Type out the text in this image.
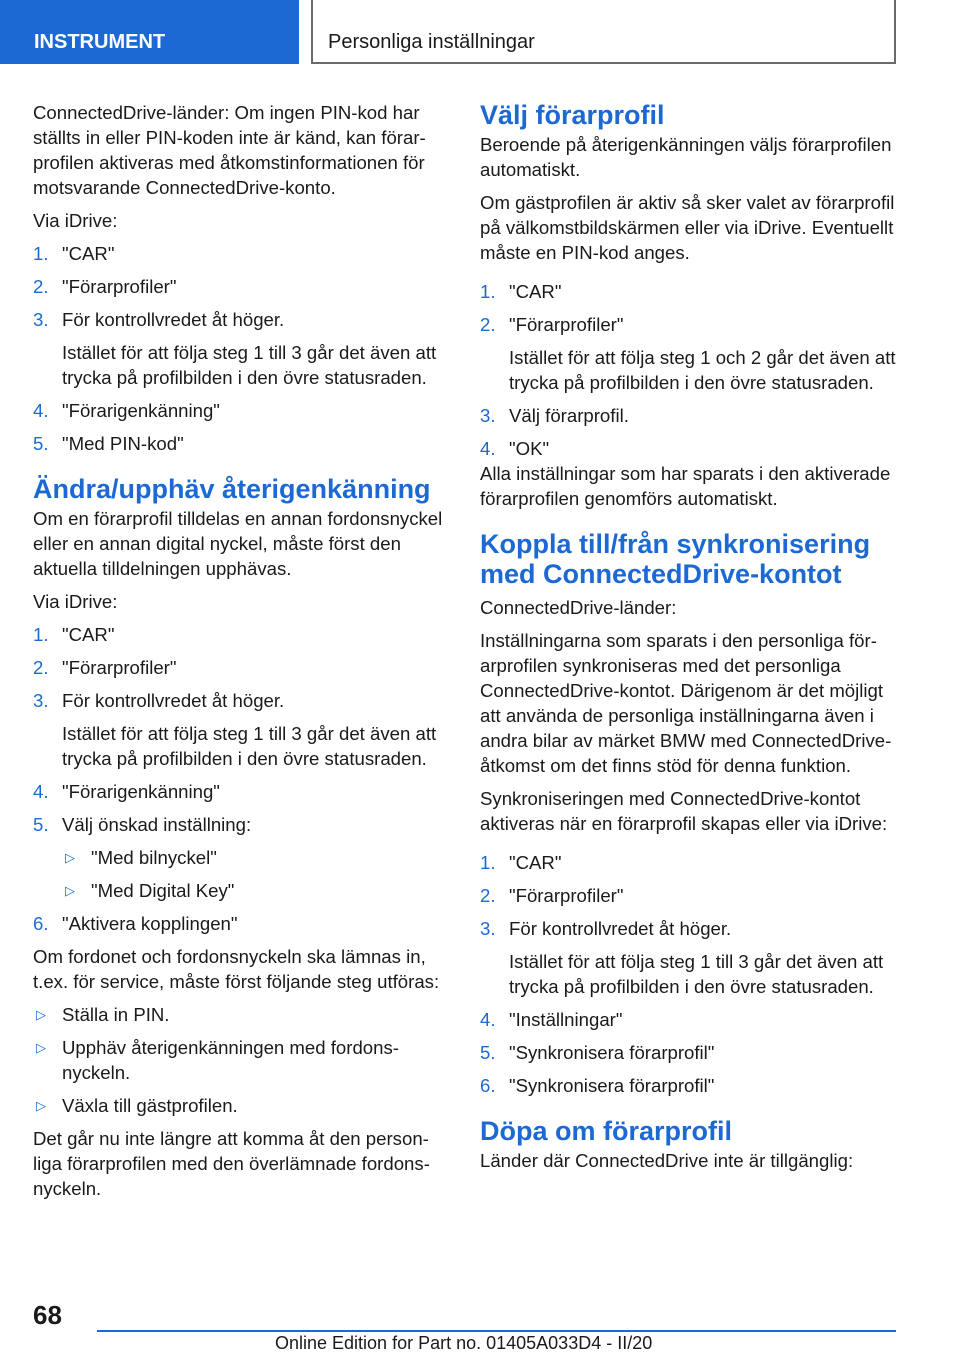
INSTRUMENT	Personliga inställningar

ConnectedDrive-länder: Om ingen PIN-kod har ställts in eller PIN-koden inte är känd, kan förarprofilen aktiveras med åtkomstinformationen för motsvarande ConnectedDrive-konto.

Via iDrive:

1. "CAR"
2. "Förarprofiler"
3. För kontrollvredet åt höger.
Istället för att följa steg 1 till 3 går det även att trycka på profilbilden i den övre statusraden.
4. "Förarigenkänning"
5. "Med PIN-kod"
Ändra/upphäv återigenkänning

Om en förarprofil tilldelas en annan fordonsnyckel eller en annan digital nyckel, måste först den aktuella tilldelningen upphävas.

Via iDrive:

1. "CAR"
2. "Förarprofiler"
3. För kontrollvredet åt höger.
Istället för att följa steg 1 till 3 går det även att trycka på profilbilden i den övre statusraden.
4. "Förarigenkänning"
5. Välj önskad inställning:
▷ "Med bilnyckel"
▷ "Med Digital Key"
6. "Aktivera kopplingen"

Om fordonet och fordonsnyckeln ska lämnas in, t.ex. för service, måste först följande steg utföras:

▷ Ställa in PIN.
▷ Upphäv återigenkänningen med fordonsnyckeln.
▷ Växla till gästprofilen.

Det går nu inte längre att komma åt den personliga förarprofilen med den överlämnade fordonsnyckeln.

Välj förarprofil

Beroende på återigenkänningen väljs förarprofilen automatiskt.

Om gästprofilen är aktiv så sker valet av förarprofil på välkomstbildskärmen eller via iDrive. Eventuellt måste en PIN-kod anges.

1. "CAR"
2. "Förarprofiler"
Istället för att följa steg 1 och 2 går det även att trycka på profilbilden i den övre statusraden.
3. Välj förarprofil.
4. "OK"

Alla inställningar som har sparats i den aktiverade förarprofilen genomförs automatiskt.

Koppla till/från synkronisering med ConnectedDrive-kontot

ConnectedDrive-länder:

Inställningarna som sparats i den personliga förarprofilen synkroniseras med det personliga ConnectedDrive-kontot. Därigenom är det möjligt att använda de personliga inställningarna även i andra bilar av märket BMW med ConnectedDrive-åtkomst om det finns stöd för denna funktion.

Synkroniseringen med ConnectedDrive-kontot aktiveras när en förarprofil skapas eller via iDrive:

1. "CAR"
2. "Förarprofiler"
3. För kontrollvredet åt höger.
Istället för att följa steg 1 till 3 går det även att trycka på profilbilden i den övre statusraden.
4. "Inställningar"
5. "Synkronisera förarprofil"
6. "Synkronisera förarprofil"
Döpa om förarprofil

Länder där ConnectedDrive inte är tillgänglig:

68
Online Edition for Part no. 01405A033D4 - II/20
